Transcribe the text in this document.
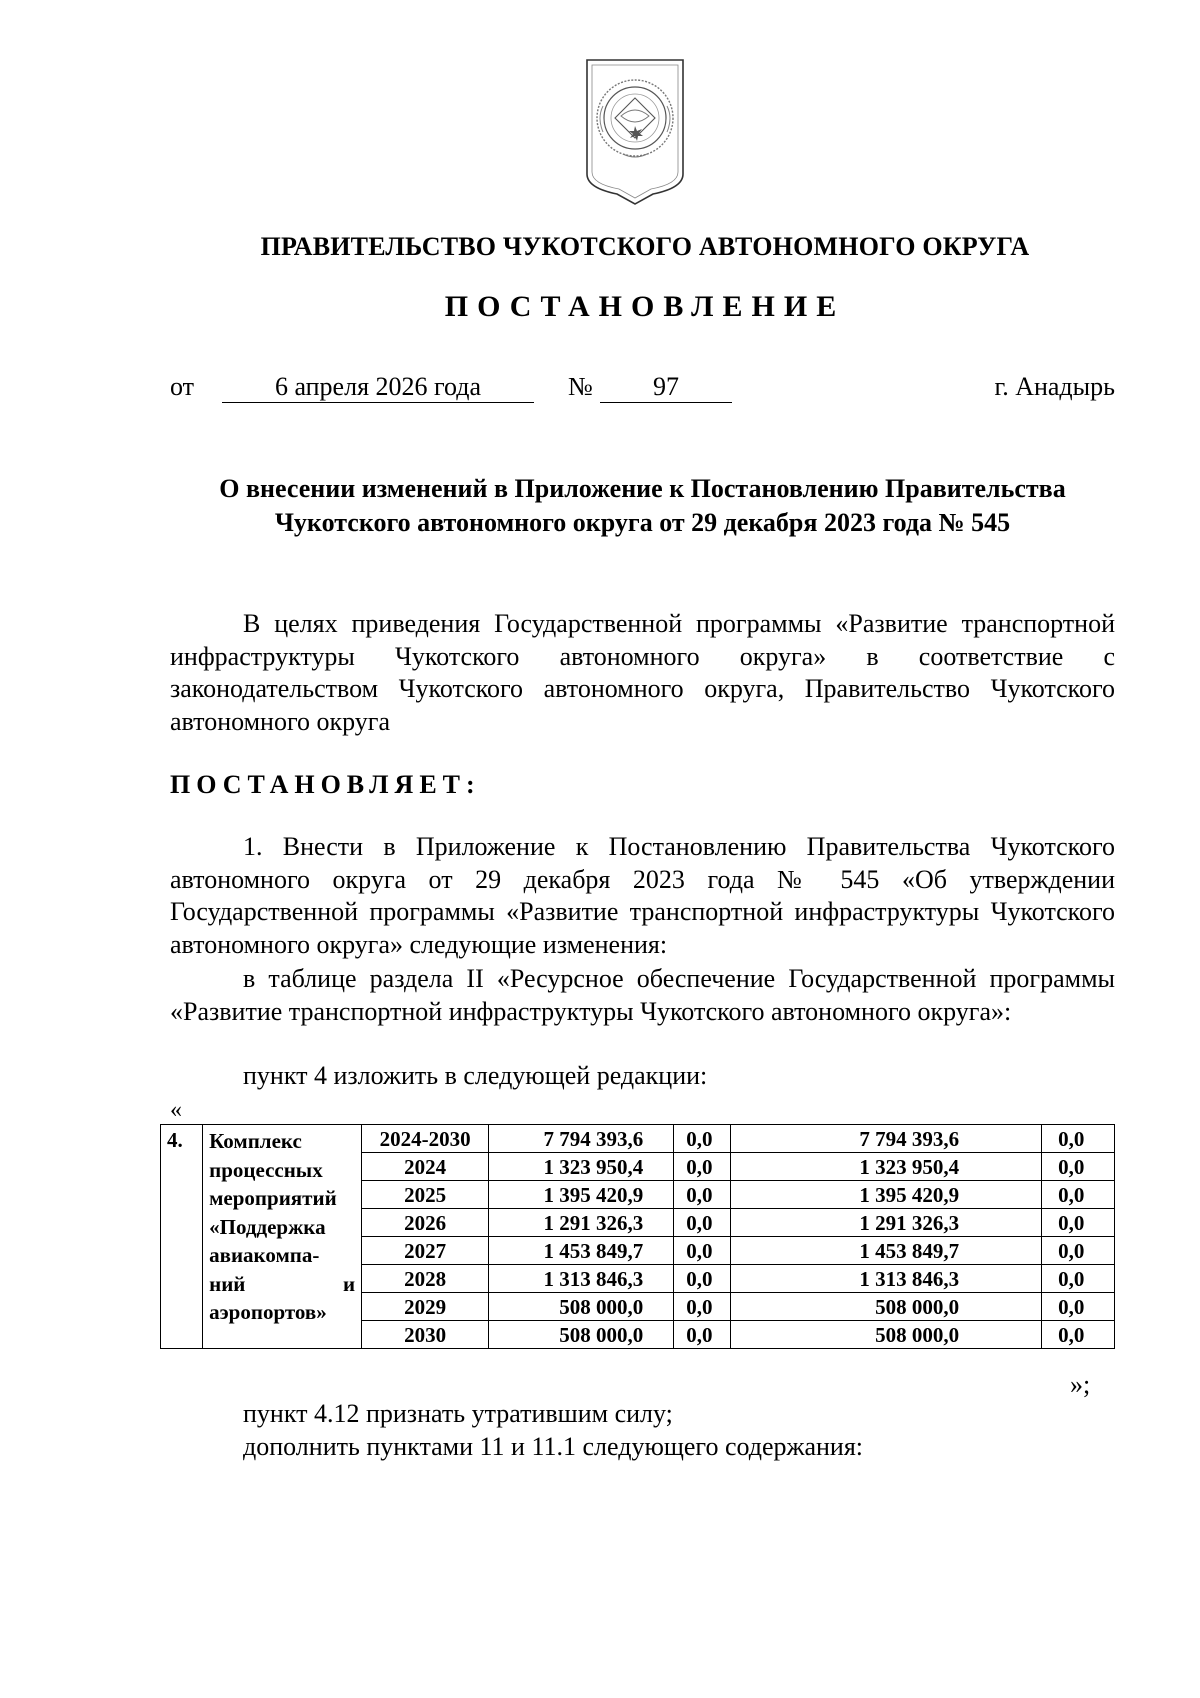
ПРАВИТЕЛЬСТВО ЧУКОТСКОГО АВТОНОМНОГО ОКРУГА
ПОСТАНОВЛЕНИЕ
от	6 апреля 2026 года	№	97	г. Анадырь
О внесении изменений в Приложение к Постановлению Правительства Чукотского автономного округа от 29 декабря 2023 года № 545
В целях приведения Государственной программы «Развитие транспортной инфраструктуры Чукотского автономного округа» в соответствие с законодательством Чукотского автономного округа, Правительство Чукотского автономного округа
ПОСТАНОВЛЯЕТ:
1. Внести в Приложение к Постановлению Правительства Чукотского автономного округа от 29 декабря 2023 года № 545 «Об утверждении Государственной программы «Развитие транспортной инфраструктуры Чукотского автономного округа» следующие изменения:
в таблице раздела II «Ресурсное обеспечение Государственной программы «Развитие транспортной инфраструктуры Чукотского автономного округа»:
пункт 4 изложить в следующей редакции:
«
4.	Комплекс процессных мероприятий «Поддержка авиакомпа-ний и аэропортов»	2024-2030	7 794 393,6	0,0	7 794 393,6	0,0
		2024	1 323 950,4	0,0	1 323 950,4	0,0
		2025	1 395 420,9	0,0	1 395 420,9	0,0
		2026	1 291 326,3	0,0	1 291 326,3	0,0
		2027	1 453 849,7	0,0	1 453 849,7	0,0
		2028	1 313 846,3	0,0	1 313 846,3	0,0
		2029	508 000,0	0,0	508 000,0	0,0
		2030	508 000,0	0,0	508 000,0	0,0
»;
пункт 4.12 признать утратившим силу;
дополнить пунктами 11 и 11.1 следующего содержания:
